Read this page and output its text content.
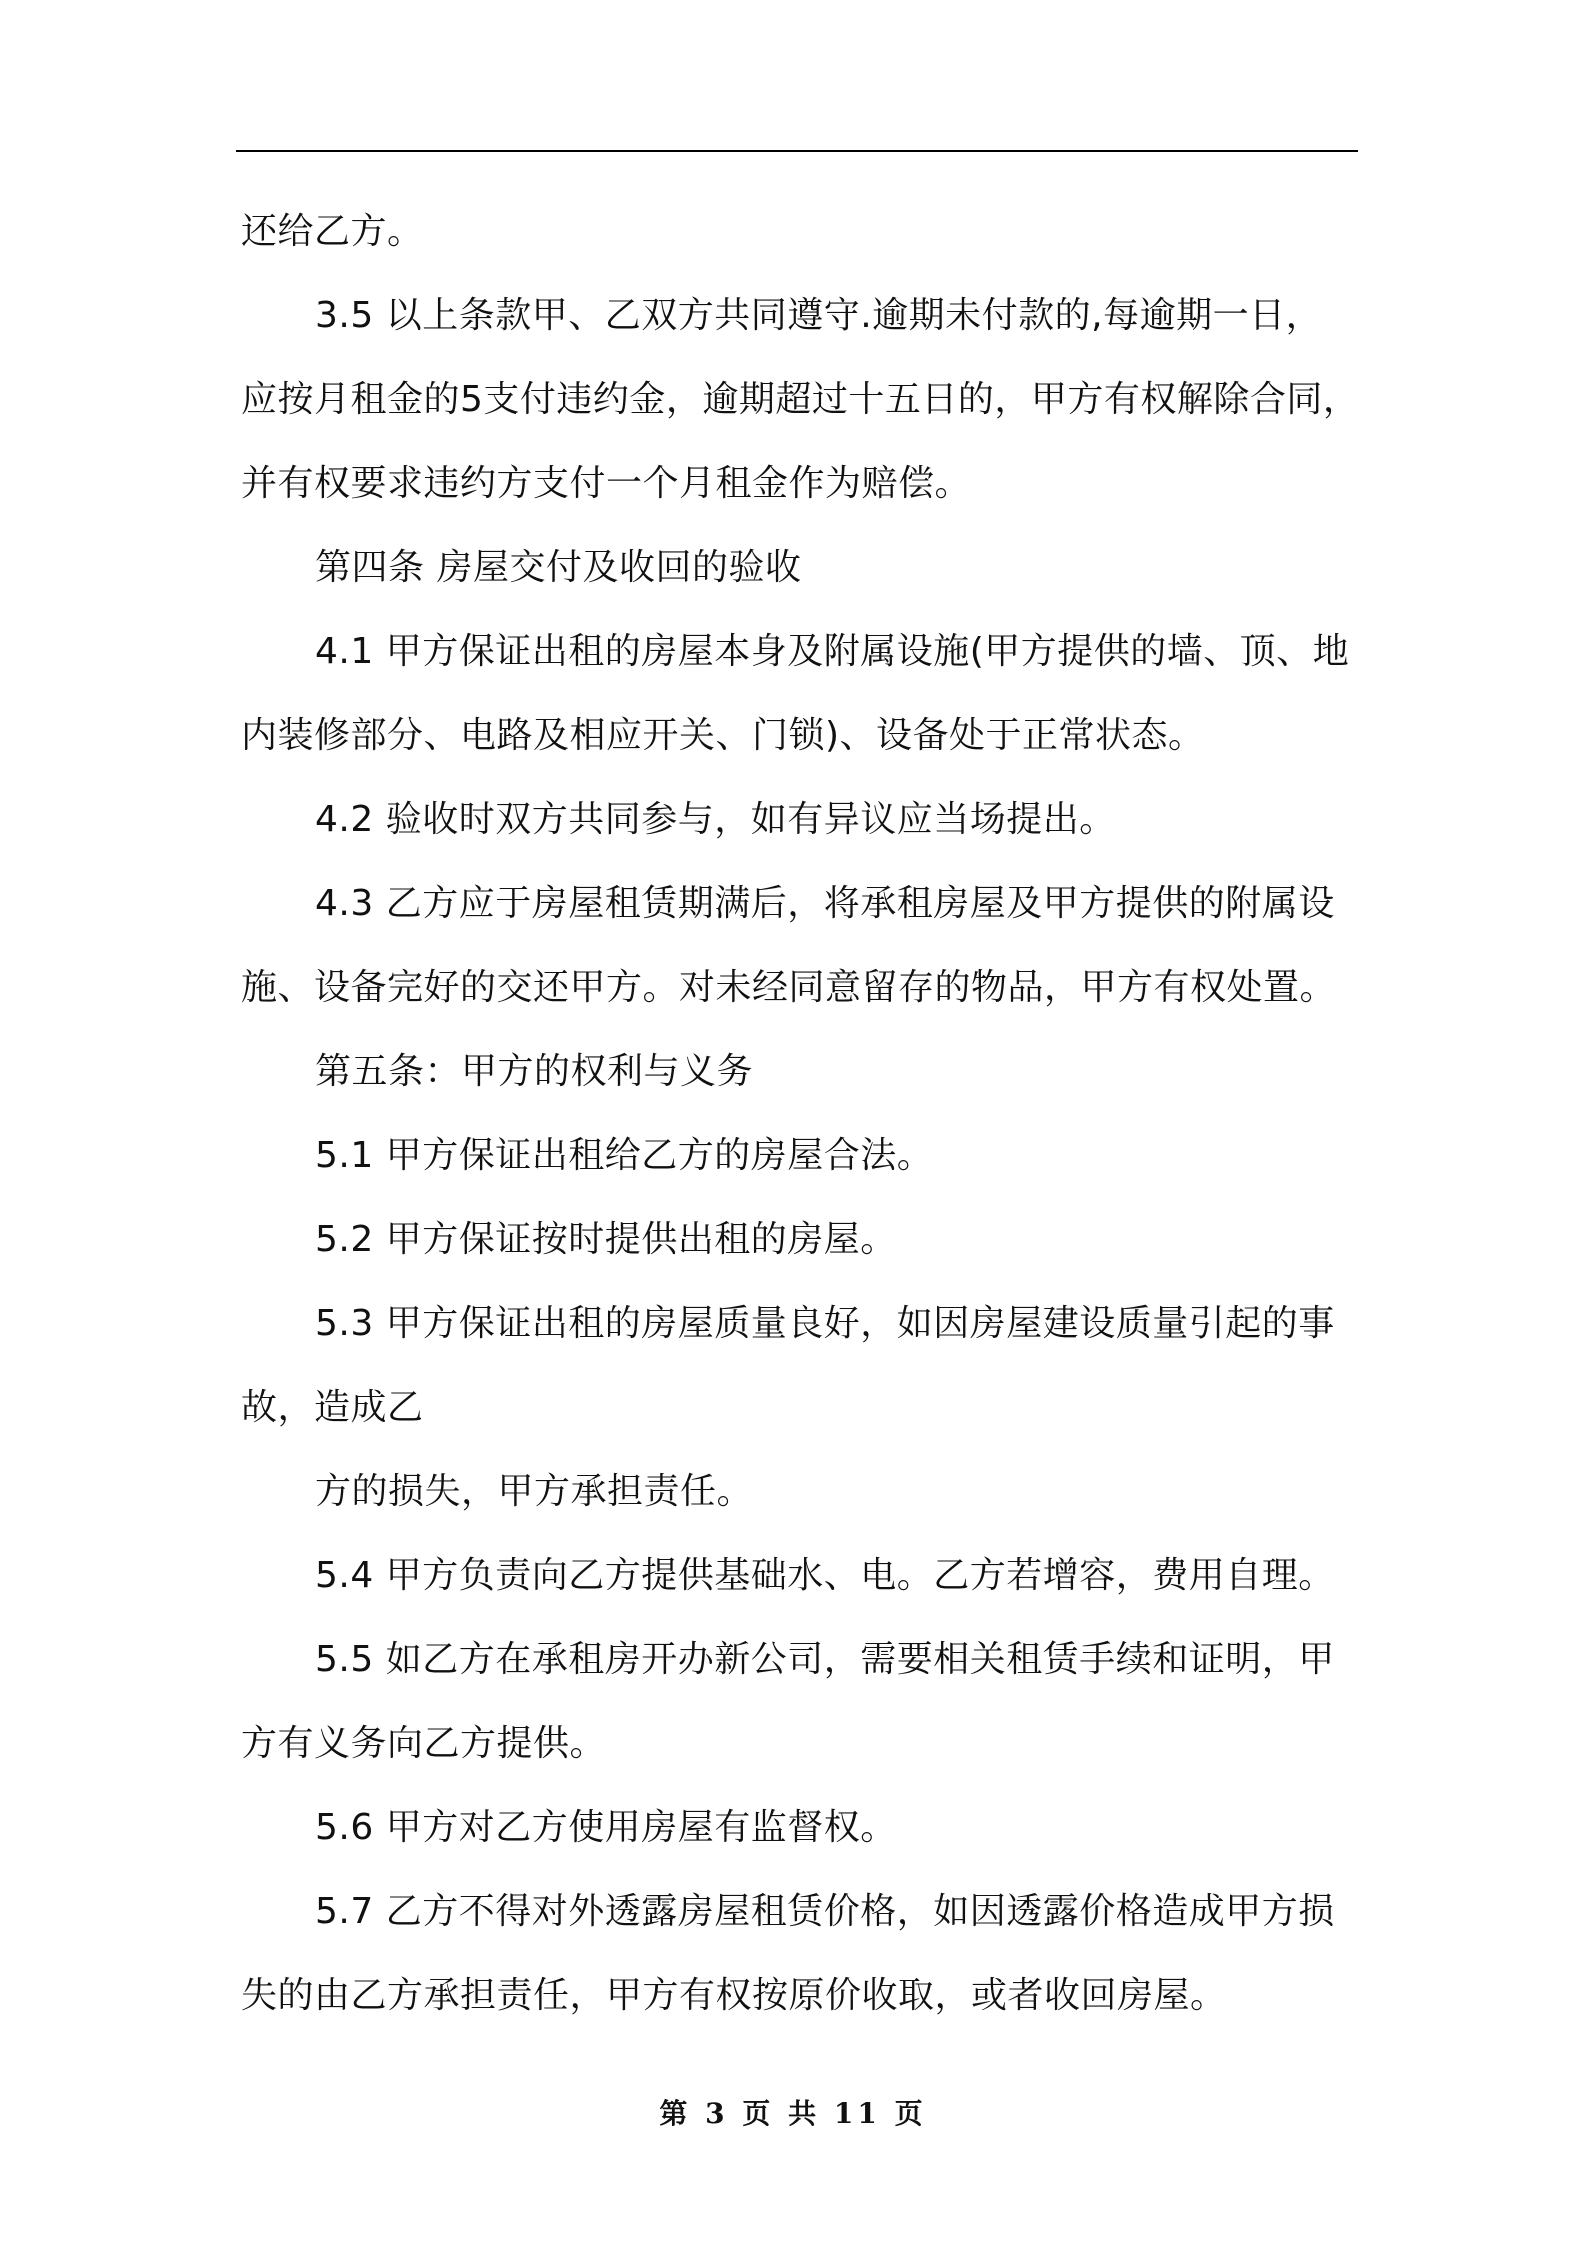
还给乙方。
3.5 以上条款甲、乙双方共同遵守.逾期未付款的,每逾期一日，
应按月租金的5支付违约金，逾期超过十五日的，甲方有权解除合同，
并有权要求违约方支付一个月租金作为赔偿。
第四条 房屋交付及收回的验收
4.1 甲方保证出租的房屋本身及附属设施(甲方提供的墙、顶、地
内装修部分、电路及相应开关、门锁)、设备处于正常状态。
4.2 验收时双方共同参与，如有异议应当场提出。
4.3 乙方应于房屋租赁期满后，将承租房屋及甲方提供的附属设
施、设备完好的交还甲方。对未经同意留存的物品，甲方有权处置。
第五条：甲方的权利与义务
5.1 甲方保证出租给乙方的房屋合法。
5.2 甲方保证按时提供出租的房屋。
5.3 甲方保证出租的房屋质量良好，如因房屋建设质量引起的事
故，造成乙
方的损失，甲方承担责任。
5.4 甲方负责向乙方提供基础水、电。乙方若增容，费用自理。
5.5 如乙方在承租房开办新公司，需要相关租赁手续和证明，甲
方有义务向乙方提供。
5.6 甲方对乙方使用房屋有监督权。
5.7 乙方不得对外透露房屋租赁价格，如因透露价格造成甲方损
失的由乙方承担责任，甲方有权按原价收取，或者收回房屋。
第 3 页 共 11 页
